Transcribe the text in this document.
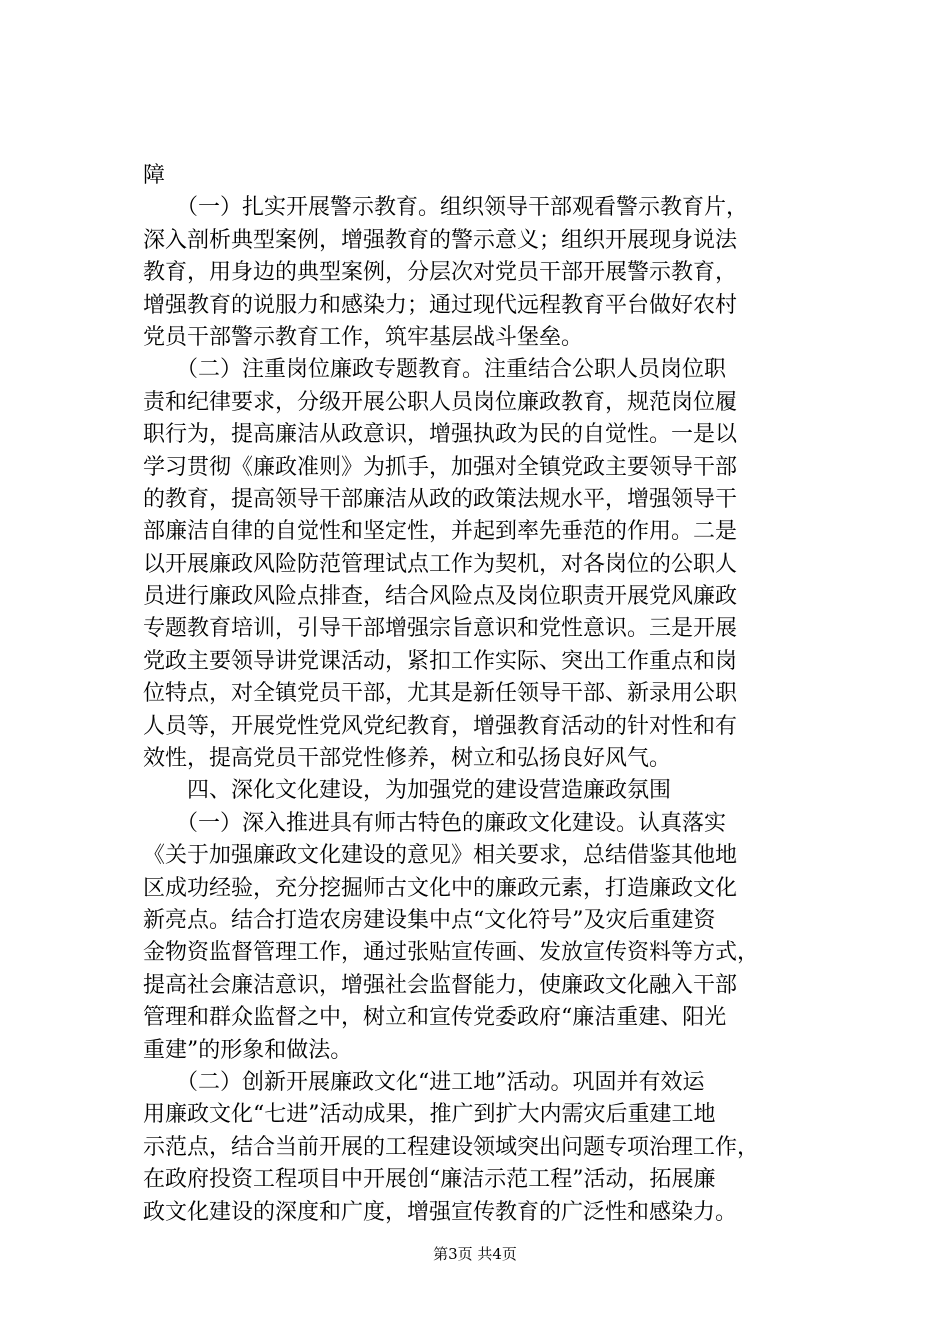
障
　　（一）扎实开展警示教育。组织领导干部观看警示教育片，
深入剖析典型案例，增强教育的警示意义；组织开展现身说法
教育，用身边的典型案例，分层次对党员干部开展警示教育，
增强教育的说服力和感染力；通过现代远程教育平台做好农村
党员干部警示教育工作，筑牢基层战斗堡垒。
　　（二）注重岗位廉政专题教育。注重结合公职人员岗位职
责和纪律要求，分级开展公职人员岗位廉政教育，规范岗位履
职行为，提高廉洁从政意识，增强执政为民的自觉性。一是以
学习贯彻《廉政准则》为抓手，加强对全镇党政主要领导干部
的教育，提高领导干部廉洁从政的政策法规水平，增强领导干
部廉洁自律的自觉性和坚定性，并起到率先垂范的作用。二是
以开展廉政风险防范管理试点工作为契机，对各岗位的公职人
员进行廉政风险点排查，结合风险点及岗位职责开展党风廉政
专题教育培训，引导干部增强宗旨意识和党性意识。三是开展
党政主要领导讲党课活动，紧扣工作实际、突出工作重点和岗
位特点，对全镇党员干部，尤其是新任领导干部、新录用公职
人员等，开展党性党风党纪教育，增强教育活动的针对性和有
效性，提高党员干部党性修养，树立和弘扬良好风气。
　　四、深化文化建设，为加强党的建设营造廉政氛围
　　（一）深入推进具有师古特色的廉政文化建设。认真落实
《关于加强廉政文化建设的意见》相关要求，总结借鉴其他地
区成功经验，充分挖掘师古文化中的廉政元素，打造廉政文化
新亮点。结合打造农房建设集中点“文化符号”及灾后重建资
金物资监督管理工作，通过张贴宣传画、发放宣传资料等方式，
提高社会廉洁意识，增强社会监督能力，使廉政文化融入干部
管理和群众监督之中，树立和宣传党委政府“廉洁重建、阳光
重建”的形象和做法。
　　（二）创新开展廉政文化“进工地”活动。巩固并有效运
用廉政文化“七进”活动成果，推广到扩大内需灾后重建工地
示范点，结合当前开展的工程建设领域突出问题专项治理工作，
在政府投资工程项目中开展创“廉洁示范工程”活动，拓展廉
政文化建设的深度和广度，增强宣传教育的广泛性和感染力。
第3页 共4页
